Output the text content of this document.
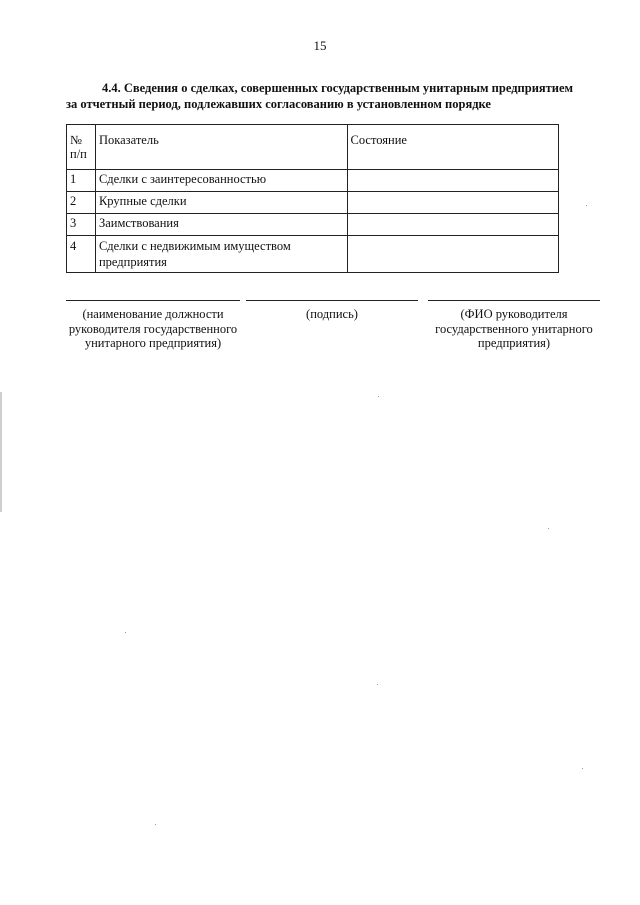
15
4.4. Сведения о сделках, совершенных государственным унитарным предприятием
за отчетный период, подлежавших согласованию в установленном порядке
№ п/п	Показатель	Состояние
1	Сделки с заинтересованностью	
2	Крупные сделки	
3	Заимствования	
4	Сделки с недвижимым имуществом предприятия	
(наименование должности руководителя государственного унитарного предприятия)
(подпись)	(ФИО руководителя государственного унитарного предприятия)
